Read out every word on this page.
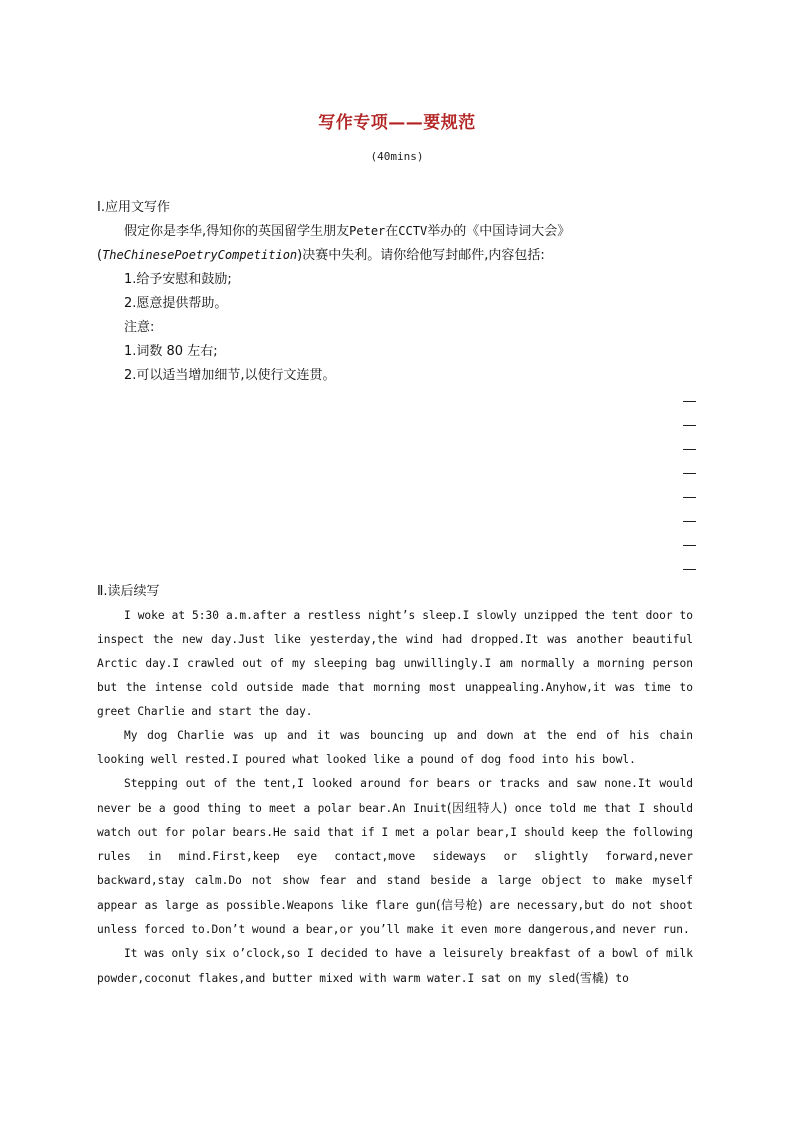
写作专项——要规范
(40mins)
Ⅰ.应用文写作
假定你是李华,得知你的英国留学生朋友Peter在CCTV举办的《中国诗词大会》
(TheChinesePoetryCompetition)决赛中失利。请你给他写封邮件,内容包括:
1.给予安慰和鼓励;
2.愿意提供帮助。
注意:
1.词数 80 左右;
2.可以适当增加细节,以使行文连贯。
Ⅱ.读后续写

I woke at 5:30 a.m.after a restless night’s sleep.I slowly unzipped the tent door to inspect the new day.Just like yesterday,the wind had dropped.It was another beautiful Arctic day.I crawled out of my sleeping bag unwillingly.I am normally a morning person but the intense cold outside made that morning most unappealing.Anyhow,it was time to greet Charlie and start the day.

My dog Charlie was up and it was bouncing up and down at the end of his chain looking well rested.I poured what looked like a pound of dog food into his bowl.

Stepping out of the tent,I looked around for bears or tracks and saw none.It would never be a good thing to meet a polar bear.An Inuit(因纽特人) once told me that I should watch out for polar bears.He said that if I met a polar bear,I should keep the following rules in mind.First,keep eye contact,move sideways or slightly forward,never backward,stay calm.Do not show fear and stand beside a large object to make myself appear as large as possible.Weapons like flare gun(信号枪) are necessary,but do not shoot unless forced to.Don’t wound a bear,or you’ll make it even more dangerous,and never run.

It was only six o’clock,so I decided to have a leisurely breakfast of a bowl of milk powder,coconut flakes,and butter mixed with warm water.I sat on my sled(雪橇) to
